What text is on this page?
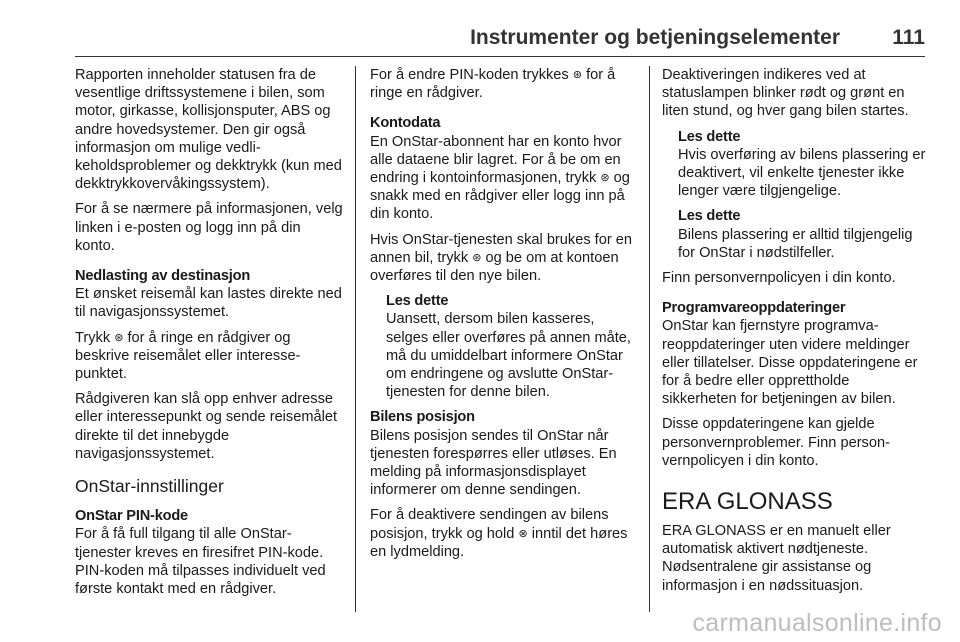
Instrumenter og betjeningselementer 111

Rapporten inneholder statusen fra de vesentlige driftssystemene i bilen, som motor, girkasse, kollisjonsputer, ABS og andre hovedsystemer. Den gir også informasjon om mulige vedlikeholdsproblemer og dekktrykk (kun med dekktrykkovervåkingssystem).

For å se nærmere på informasjonen, velg linken i e-posten og logg inn på din konto.

Nedlasting av destinasjon

Et ønsket reisemål kan lastes direkte ned til navigasjonssystemet.

Trykk ⊛ for å ringe en rådgiver og beskrive reisemålet eller interessepunktet.

Rådgiveren kan slå opp enhver adresse eller interessepunkt og sende reisemålet direkte til det innebygde navigasjonssystemet.

OnStar-innstillinger
OnStar PIN-kode

For å få full tilgang til alle OnStar-tjenester kreves en firesifret PIN-kode. PIN-koden må tilpasses individuelt ved første kontakt med en rådgiver.

For å endre PIN-koden trykkes ⊛ for å ringe en rådgiver.

Kontodata

En OnStar-abonnent har en konto hvor alle dataene blir lagret. For å be om en endring i kontoinformasjonen, trykk ⊛ og snakk med en rådgiver eller logg inn på din konto.

Hvis OnStar-tjenesten skal brukes for en annen bil, trykk ⊛ og be om at kontoen overføres til den nye bilen.

Les dette

Uansett, dersom bilen kasseres, selges eller overføres på annen måte, må du umiddelbart informere OnStar om endringene og avslutte OnStar-tjenesten for denne bilen.

Bilens posisjon

Bilens posisjon sendes til OnStar når tjenesten forespørres eller utløses. En melding på informasjonsdisplayet informerer om denne sendingen.

For å deaktivere sendingen av bilens posisjon, trykk og hold ⊗ inntil det høres en lydmelding.

Deaktiveringen indikeres ved at statuslampen blinker rødt og grønt en liten stund, og hver gang bilen startes.

Les dette

Hvis overføring av bilens plassering er deaktivert, vil enkelte tjenester ikke lenger være tilgjengelige.

Les dette

Bilens plassering er alltid tilgjengelig for OnStar i nødstilfeller.

Finn personvernpolicyen i din konto.

Programvareoppdateringer

OnStar kan fjernstyre programvareoppdateringer uten videre meldinger eller tillatelser. Disse oppdateringene er for å bedre eller opprettholde sikkerheten for betjeningen av bilen.

Disse oppdateringene kan gjelde personvernproblemer. Finn personvernpolicyen i din konto.

ERA GLONASS

ERA GLONASS er en manuelt eller automatisk aktivert nødtjeneste. Nødsentralene gir assistanse og informasjon i en nødssituasjon.

carmanualsonline.info
